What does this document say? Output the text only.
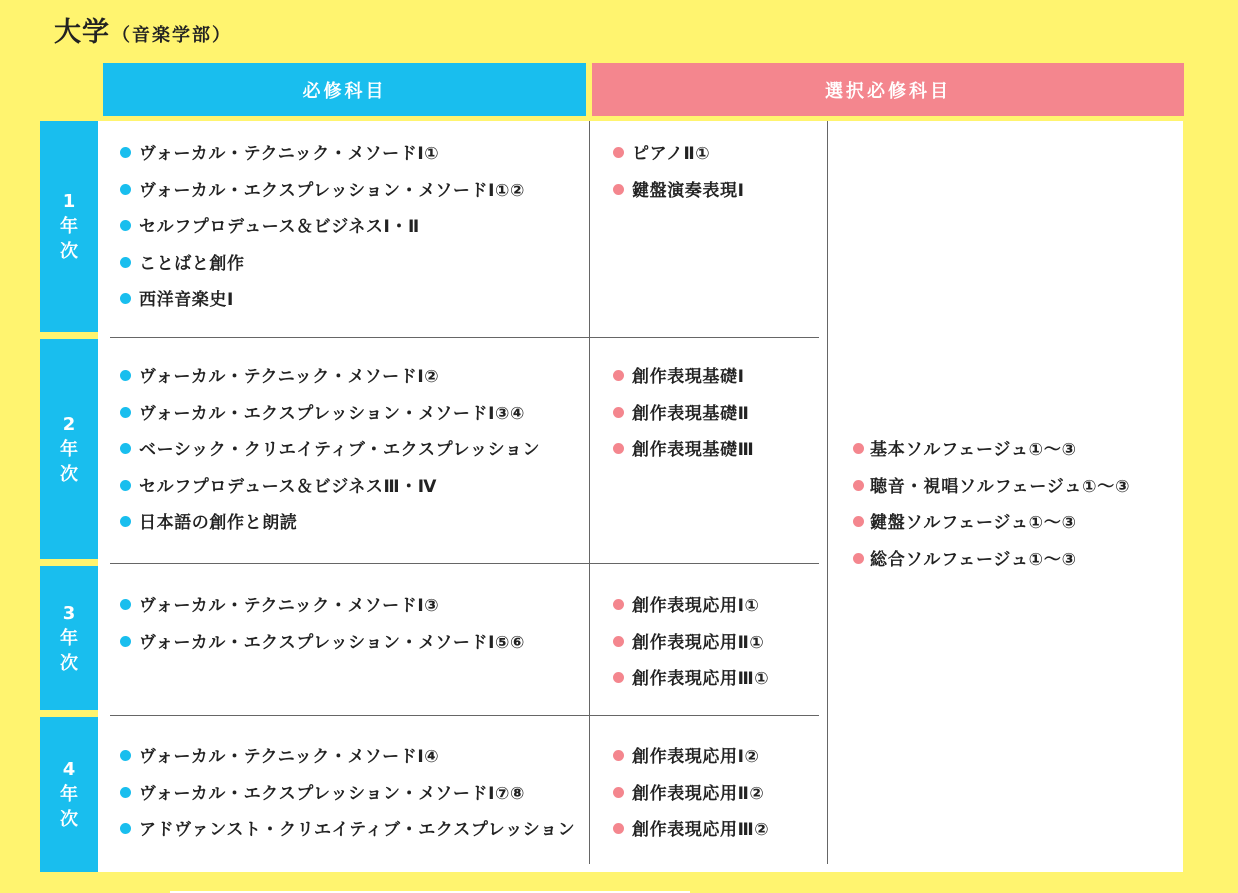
大学 （音楽学部）
必修科目	選択必修科目
1
年
次
2
年
次
3
年
次
4
年
次
ヴォーカル・テクニック・メソードⅠ①
ヴォーカル・エクスプレッション・メソードⅠ①②
セルフプロデュース＆ビジネスⅠ・Ⅱ
ことばと創作
西洋音楽史Ⅰ
ピアノⅡ①
鍵盤演奏表現Ⅰ
ヴォーカル・テクニック・メソードⅠ②
ヴォーカル・エクスプレッション・メソードⅠ③④
ベーシック・クリエイティブ・エクスプレッション
セルフプロデュース＆ビジネスⅢ・Ⅳ
日本語の創作と朗読
創作表現基礎Ⅰ
創作表現基礎Ⅱ
創作表現基礎Ⅲ
ヴォーカル・テクニック・メソードⅠ③
ヴォーカル・エクスプレッション・メソードⅠ⑤⑥
創作表現応用Ⅰ①
創作表現応用Ⅱ①
創作表現応用Ⅲ①
ヴォーカル・テクニック・メソードⅠ④
ヴォーカル・エクスプレッション・メソードⅠ⑦⑧
アドヴァンスト・クリエイティブ・エクスプレッション
創作表現応用Ⅰ②
創作表現応用Ⅱ②
創作表現応用Ⅲ②
基本ソルフェージュ①～③
聴音・視唱ソルフェージュ①～③
鍵盤ソルフェージュ①～③
総合ソルフェージュ①～③
